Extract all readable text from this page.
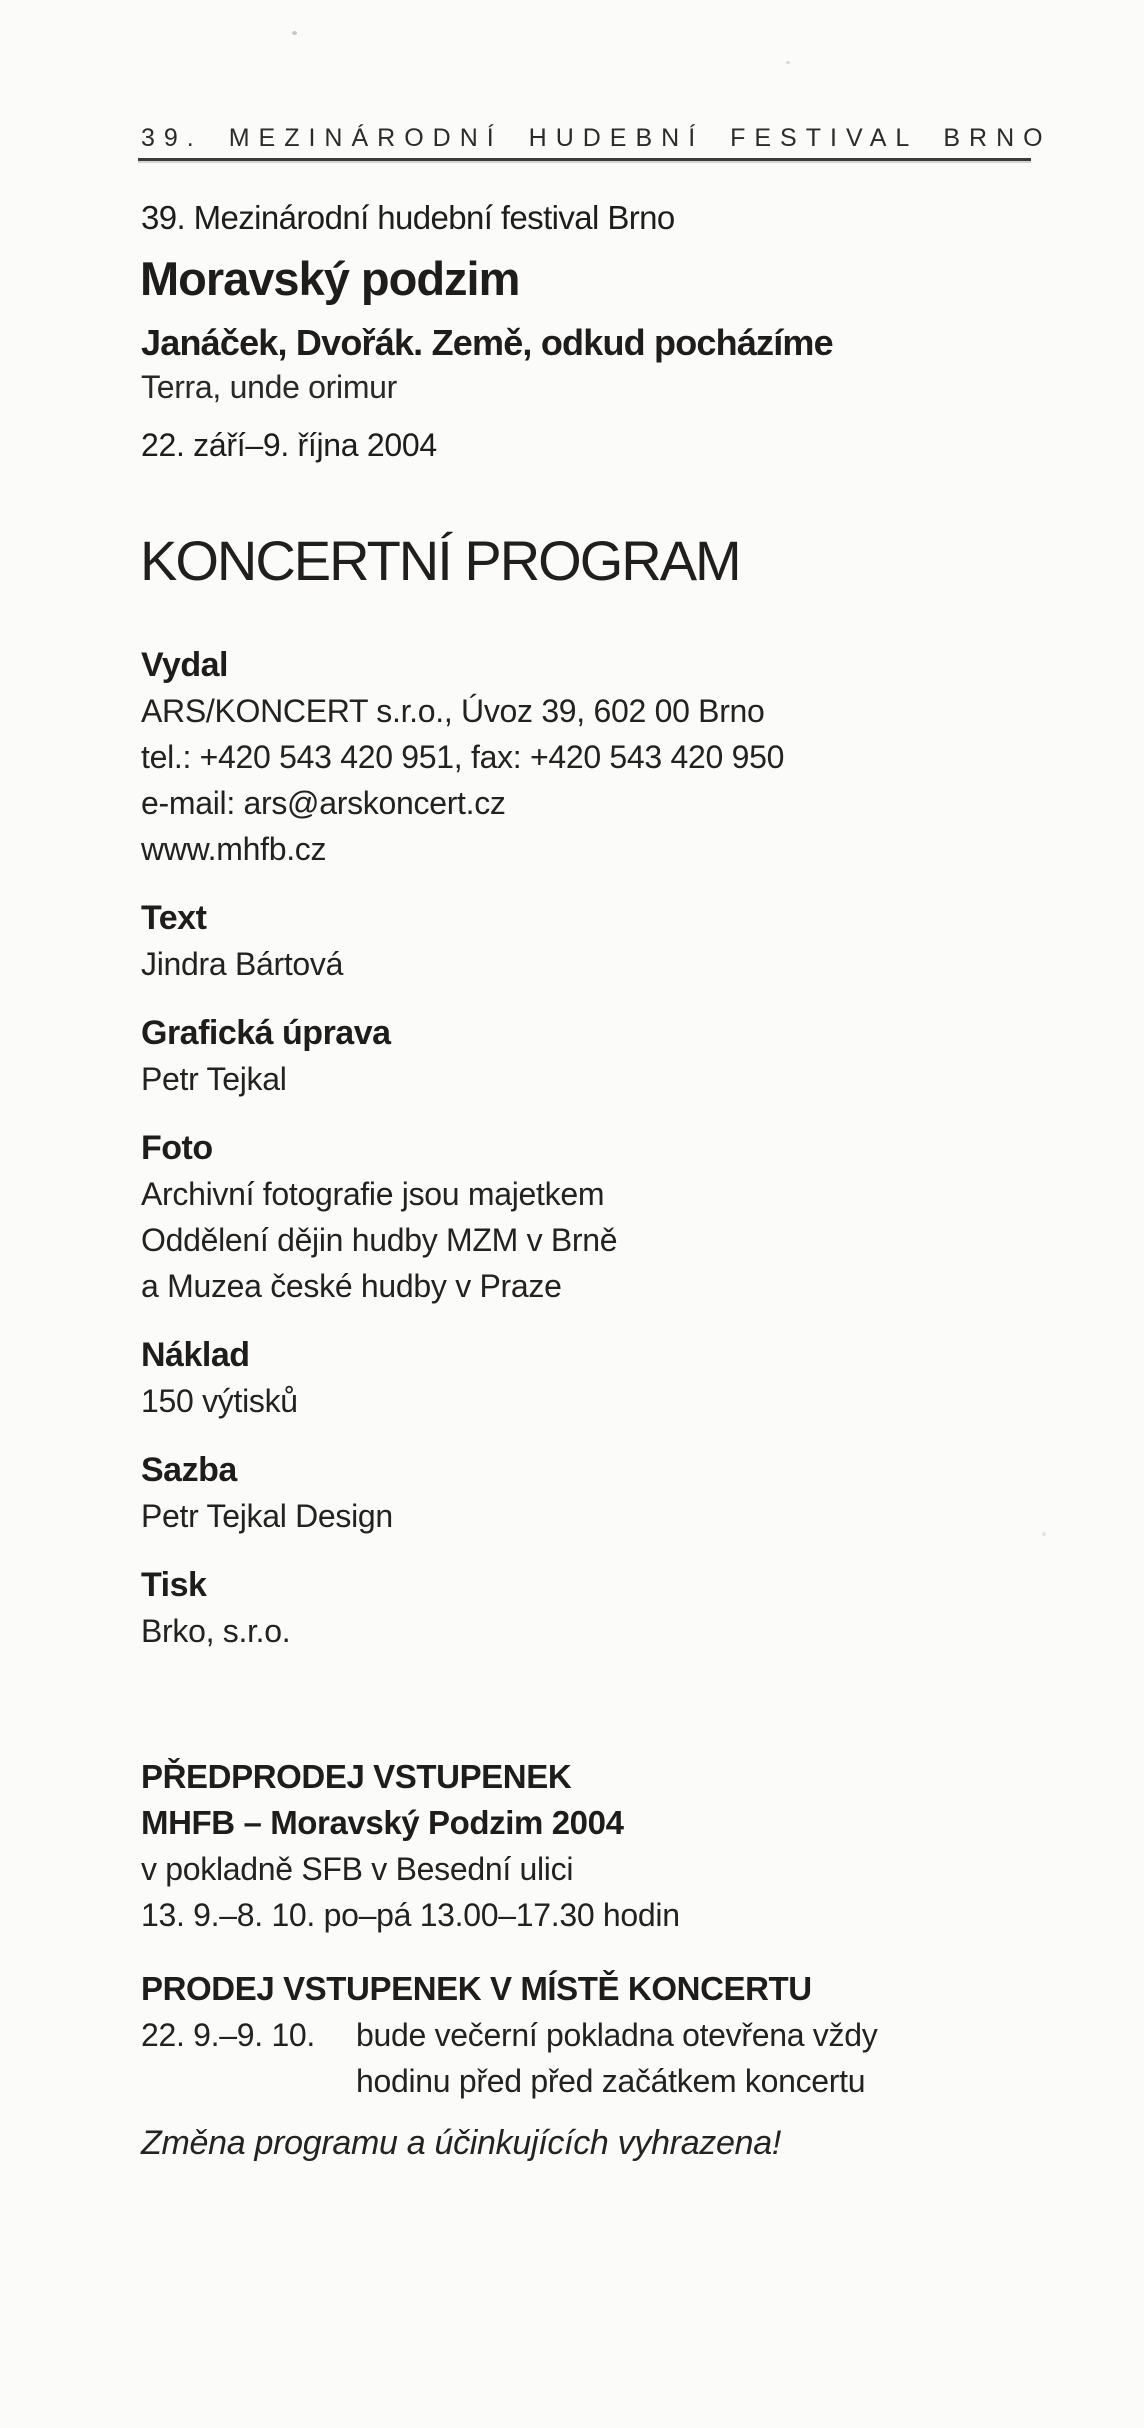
39. MEZINÁRODNÍ HUDEBNÍ FESTIVAL BRNO
39. Mezinárodní hudební festival Brno
Moravský podzim
Janáček, Dvořák. Země, odkud pocházíme
Terra, unde orimur
22. září–9. října 2004
KONCERTNÍ PROGRAM
Vydal
ARS/KONCERT s.r.o., Úvoz 39, 602 00 Brno
tel.: +420 543 420 951, fax: +420 543 420 950
e-mail: ars@arskoncert.cz
www.mhfb.cz
Text
Jindra Bártová
Grafická úprava
Petr Tejkal
Foto
Archivní fotografie jsou majetkem
Oddělení dějin hudby MZM v Brně
a Muzea české hudby v Praze
Náklad
150 výtisků
Sazba
Petr Tejkal Design
Tisk
Brko, s.r.o.
PŘEDPRODEJ VSTUPENEK
MHFB – Moravský Podzim 2004
v pokladně SFB v Besední ulici
13. 9.–8. 10. po–pá 13.00–17.30 hodin
PRODEJ VSTUPENEK V MÍSTĚ KONCERTU
22. 9.–9. 10.	bude večerní pokladna otevřena vždy
hodinu před před začátkem koncertu
Změna programu a účinkujících vyhrazena!
